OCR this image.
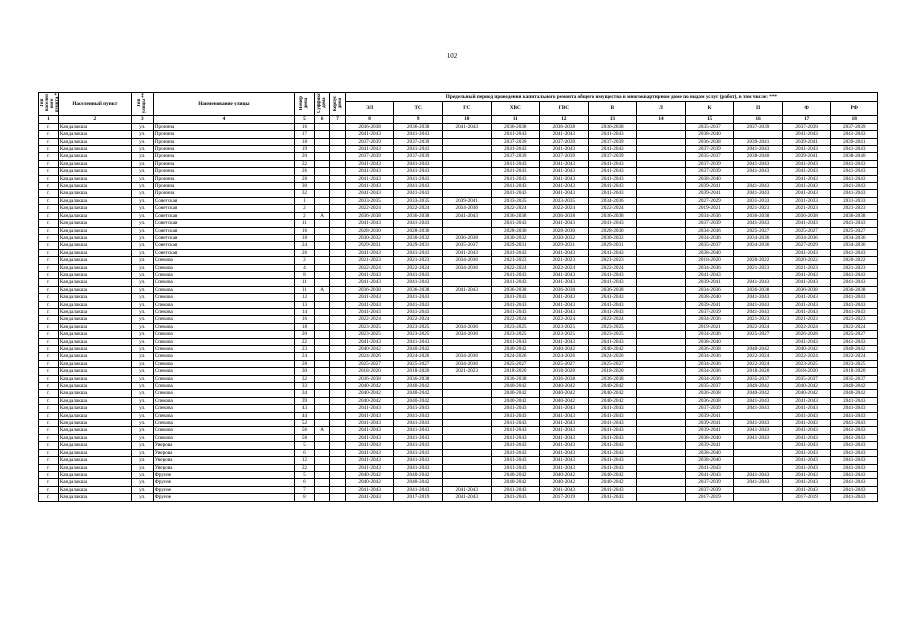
102
Тип населен ного пункта *	Населенный пункт	Тип улицы **	Наименование улицы	Номер дома	Суффикс дома	Корпус дома	Предельный период проведения капитального ремонта общего имущества в многоквартирном доме по видам услуг (работ), в том числе: ***										
							ЭЛ	ТС	ГС	ХВС	ГВС	В	Л	К	П	Ф	РФ
1	2	3	4	5	6	7	8	9	10	11	12	13	14	15	16	17	18
г.	Кандалакша	ул.	Пронина	16			2036-2038	2036-2038	2041-2043	2036-2038	2036-2038	2036-2038		2035-2037	2037-2039	2037-2039	2037-2039
г.	Кандалакша	ул.	Пронина	17			2041-2043	2041-2043		2041-2043	2041-2043	2041-2043		2038-2040		2041-2043	2041-2043
г.	Кандалакша	ул.	Пронина	18			2037-2039	2037-2039		2037-2039	2037-2039	2037-2039		2036-2038	2039-2041	2039-2041	2039-2041
г.	Кандалакша	ул.	Пронина	19			2041-2043	2041-2043		2041-2043	2041-2043	2041-2043		2037-2039	2041-2043	2041-2043	2041-2043
г.	Кандалакша	ул.	Пронина	20			2037-2039	2037-2039		2037-2039	2037-2039	2037-2039		2035-2037	2038-2040	2039-2041	2038-2040
г.	Кандалакша	ул.	Пронина	22			2041-2043	2041-2043		2041-2043	2041-2043	2041-2043		2037-2039	2041-2043	2041-2043	2041-2043
г.	Кандалакша	ул.	Пронина	26			2041-2043	2041-2043		2041-2043	2041-2043	2041-2043		2037-2039	2041-2043	2041-2043	2041-2043
г.	Кандалакша	ул.	Пронина	28			2041-2043	2041-2043		2041-2043	2041-2043	2041-2043		2038-2040		2041-2043	2041-2043
г.	Кандалакша	ул.	Пронина	30			2041-2043	2041-2043		2041-2043	2041-2043	2041-2043		2039-2041	2041-2043	2041-2043	2041-2043
г.	Кандалакша	ул.	Пронина	32			2041-2043	2041-2043		2041-2043	2041-2043	2041-2043		2039-2041	2041-2043	2041-2043	2041-2043
г.	Кандалакша	ул.	Советская	1			2033-2035	2033-2035	2039-2041	2033-2035	2033-2035	2034-2036		2027-2029	2031-2033	2031-2033	2031-2033
г.	Кандалакша	ул.	Советская	2			2022-2024	2022-2024	2034-2036	2022-2024	2022-2024	2022-2024		2019-2021	2021-2023	2021-2023	2021-2023
г.	Кандалакша	ул.	Советская	2	А		2036-2038	2036-2038	2041-2043	2036-2038	2036-2038	2036-2038		2034-2036	2036-2038	2036-2038	2036-2038
г.	Кандалакша	ул.	Советская	11			2041-2043	2041-2043		2041-2043	2041-2043	2041-2043		2037-2039	2041-2043	2041-2043	2041-2043
г.	Кандалакша	ул.	Советская	16			2028-2030	2028-2030		2028-2030	2028-2030	2028-2030		2034-2036	2025-2027	2025-2027	2025-2027
г.	Кандалакша	ул.	Советская	18			2030-2032	2030-2032	2036-2038	2030-2032	2030-2032	2030-2032		2034-2036	2034-2036	2034-2036	2034-2036
г.	Кандалакша	ул.	Советская	24			2029-2031	2029-2031	2035-2037	2029-2031	2029-2031	2029-2031		2035-2037	2034-2036	2027-2029	2034-2036
г.	Кандалакша	ул.	Советская	26			2041-2043	2041-2043	2041-2043	2041-2043	2041-2043	2041-2043		2038-2040		2041-2043	2041-2043
г.	Кандалакша	ул.	Спекова	2			2021-2023	2021-2023	2034-2036	2021-2023	2021-2023	2021-2023		2018-2020	2020-2022	2020-2022	2020-2022
г.	Кандалакша	ул.	Спекова	4			2022-2024	2022-2024	2034-2036	2022-2024	2022-2024	2022-2024		2034-2036	2021-2023	2021-2023	2021-2023
г.	Кандалакша	ул.	Спекова	8			2041-2043	2041-2043		2041-2043	2041-2043	2041-2043		2041-2043		2041-2043	2041-2043
г.	Кандалакша	ул.	Спекова	11			2041-2043	2041-2043		2041-2043	2041-2043	2041-2043		2039-2041	2041-2043	2041-2043	2041-2043
г.	Кандалакша	ул.	Спекова	11	А		2036-2038	2036-2038	2041-2043	2036-2038	2036-2038	2036-2038		2034-2036	2036-2038	2036-2038	2036-2038
г.	Кандалакша	ул.	Спекова	12			2041-2043	2041-2043		2041-2043	2041-2043	2041-2043		2038-2040	2041-2043	2041-2043	2041-2043
г.	Кандалакша	ул.	Спекова	13			2041-2043	2041-2043		2041-2043	2041-2043	2041-2043		2039-2041	2041-2043	2041-2043	2041-2043
г.	Кандалакша	ул.	Спекова	14			2041-2043	2041-2043		2041-2043	2041-2043	2041-2043		2037-2039	2041-2043	2041-2043	2041-2043
г.	Кандалакша	ул.	Спекова	16			2022-2024	2022-2024		2022-2024	2022-2024	2022-2024		2034-2036	2021-2023	2021-2023	2021-2023
г.	Кандалакша	ул.	Спекова	18			2023-2025	2023-2025	2034-2036	2023-2025	2023-2025	2023-2025		2019-2021	2022-2024	2022-2024	2022-2024
г.	Кандалакша	ул.	Спекова	20			2023-2025	2023-2025	2034-2036	2023-2025	2023-2025	2023-2025		2034-2036	2025-2027	2026-2028	2025-2027
г.	Кандалакша	ул.	Спекова	22			2041-2043	2041-2043		2041-2043	2041-2043	2041-2043		2038-2040		2041-2043	2041-2043
г.	Кандалакша	ул.	Спекова	23			2040-2042	2040-2042		2040-2042	2040-2042	2040-2042		2036-2038	2040-2042	2040-2042	2040-2042
г.	Кандалакша	ул.	Спекова	24			2024-2026	2024-2026	2034-2036	2024-2026	2024-2026	2024-2026		2034-2036	2022-2024	2022-2024	2022-2024
г.	Кандалакша	ул.	Спекова	28			2025-2027	2025-2027	2034-2036	2025-2027	2025-2027	2025-2027		2034-2036	2022-2024	2023-2025	2023-2025
г.	Кандалакша	ул.	Спекова	30			2018-2020	2018-2020	2021-2023	2018-2020	2018-2020	2018-2020		2034-2036	2018-2020	2018-2020	2018-2020
г.	Кандалакша	ул.	Спекова	32			2036-2038	2036-2038		2036-2038	2036-2038	2036-2038		2034-2036	2035-2037	2035-2037	2035-2037
г.	Кандалакша	ул.	Спекова	33			2040-2042	2040-2042		2040-2042	2040-2042	2040-2042		2035-2037	2040-2042	2040-2042	2040-2042
г.	Кандалакша	ул.	Спекова	34			2040-2042	2040-2042		2040-2042	2040-2042	2040-2042		2036-2038	2040-2042	2040-2042	2040-2042
г.	Кандалакша	ул.	Спекова	39			2040-2042	2040-2042		2040-2042	2040-2042	2040-2042		2036-2038	2041-2043	2041-2043	2041-2043
г.	Кандалакша	ул.	Спекова	43			2041-2043	2041-2043		2041-2043	2041-2043	2041-2043		2037-2039	2041-2043	2041-2043	2041-2043
г.	Кандалакша	ул.	Спекова	44			2041-2043	2041-2043		2041-2043	2041-2043	2041-2043		2039-2041		2041-2043	2041-2043
г.	Кандалакша	ул.	Спекова	52			2041-2043	2041-2043		2041-2043	2041-2043	2041-2043		2039-2041	2041-2043	2041-2043	2041-2043
г.	Кандалакша	ул.	Спекова	56	А		2041-2043	2041-2043		2041-2043	2041-2043	2041-2043		2039-2041	2041-2043	2041-2043	2041-2043
г.	Кандалакша	ул.	Спекова	58			2041-2043	2041-2043		2041-2043	2041-2043	2041-2043		2038-2040	2041-2043	2041-2043	2041-2043
г.	Кандалакша	ул.	Уверова	5			2041-2043	2041-2043		2041-2043	2041-2043	2041-2043		2039-2041		2041-2043	2041-2043
г.	Кандалакша	ул.	Уверова	6			2041-2043	2041-2043		2041-2043	2041-2043	2041-2043		2038-2040		2041-2043	2041-2043
г.	Кандалакша	ул.	Уверова	12			2041-2043	2041-2043		2041-2043	2041-2043	2041-2043		2038-2040		2041-2043	2041-2043
г.	Кандалакша	ул.	Уверова	22			2041-2043	2041-2043		2041-2043	2041-2043	2041-2043		2041-2043		2041-2043	2041-2043
г.	Кандалакша	ул.	Фрунзе	5			2040-2042	2040-2042		2040-2042	2040-2042	2040-2042		2041-2043	2041-2043	2041-2043	2041-2043
г.	Кандалакша	ул.	Фрунзе	6			2040-2042	2040-2042		2040-2042	2040-2042	2040-2042		2037-2039	2041-2043	2041-2043	2041-2043
г.	Кандалакша	ул.	Фрунзе	7			2041-2043	2041-2043	2041-2043	2041-2043	2041-2043	2041-2043		2037-2039		2041-2043	2041-2043
г.	Кандалакша	ул.	Фрунзе	8			2041-2043	2017-2019	2041-2043	2041-2043	2017-2019	2041-2043		2017-2019		2017-2019	2041-2043
